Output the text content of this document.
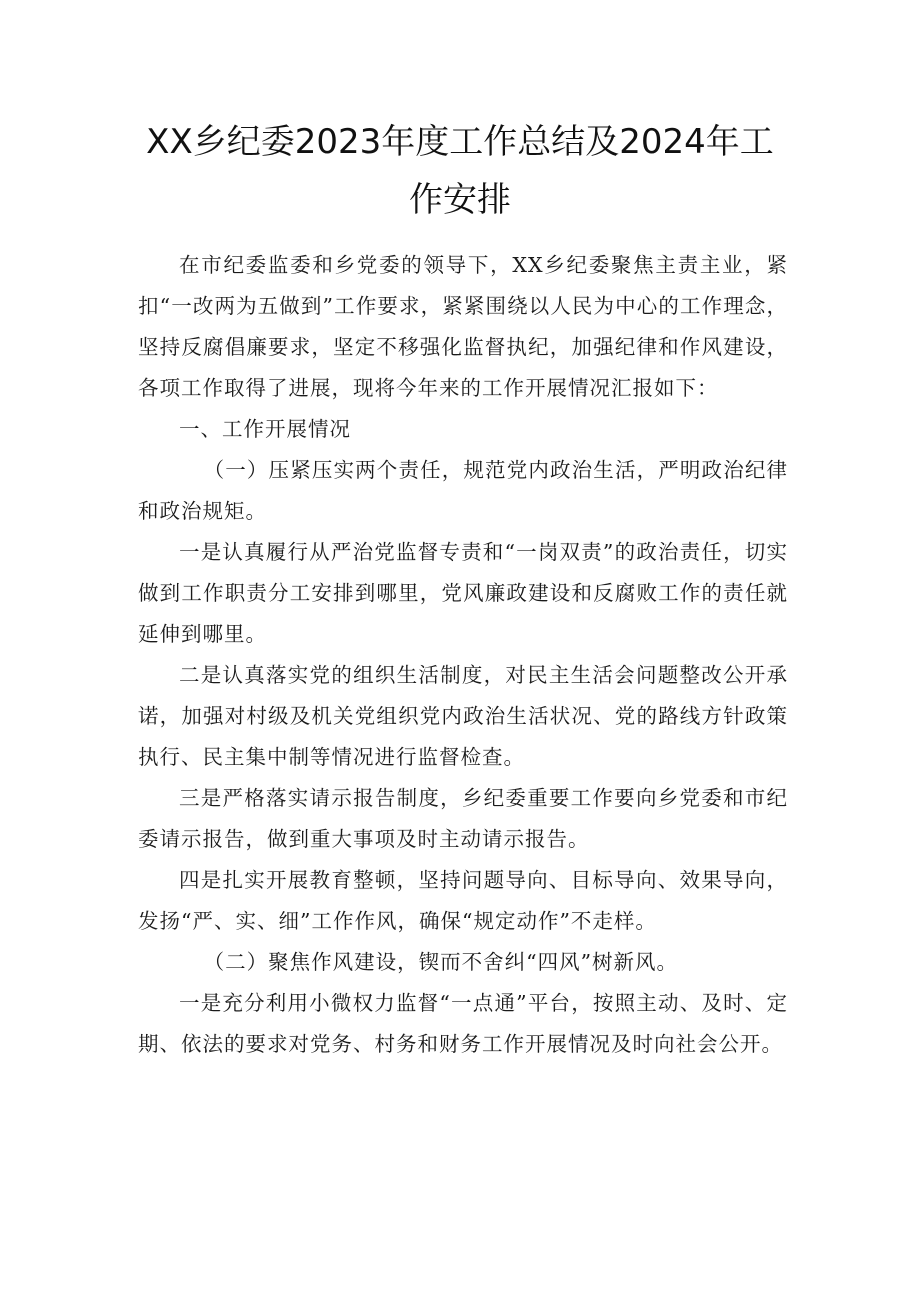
XX乡纪委2023年度工作总结及2024年工
作安排

在市纪委监委和乡党委的领导下，XX乡纪委聚焦主责主业，紧扣“一改两为五做到”工作要求，紧紧围绕以人民为中心的工作理念，坚持反腐倡廉要求，坚定不移强化监督执纪，加强纪律和作风建设，各项工作取得了进展，现将今年来的工作开展情况汇报如下：

一、工作开展情况

（一）压紧压实两个责任，规范党内政治生活，严明政治纪律和政治规矩。

一是认真履行从严治党监督专责和“一岗双责”的政治责任，切实做到工作职责分工安排到哪里，党风廉政建设和反腐败工作的责任就延伸到哪里。

二是认真落实党的组织生活制度，对民主生活会问题整改公开承诺，加强对村级及机关党组织党内政治生活状况、党的路线方针政策执行、民主集中制等情况进行监督检查。

三是严格落实请示报告制度，乡纪委重要工作要向乡党委和市纪委请示报告，做到重大事项及时主动请示报告。

四是扎实开展教育整顿，坚持问题导向、目标导向、效果导向，发扬“严、实、细”工作作风，确保“规定动作”不走样。

（二）聚焦作风建设，锲而不舍纠“四风”树新风。

一是充分利用小微权力监督“一点通”平台，按照主动、及时、定期、依法的要求对党务、村务和财务工作开展情况及时向社会公开。
